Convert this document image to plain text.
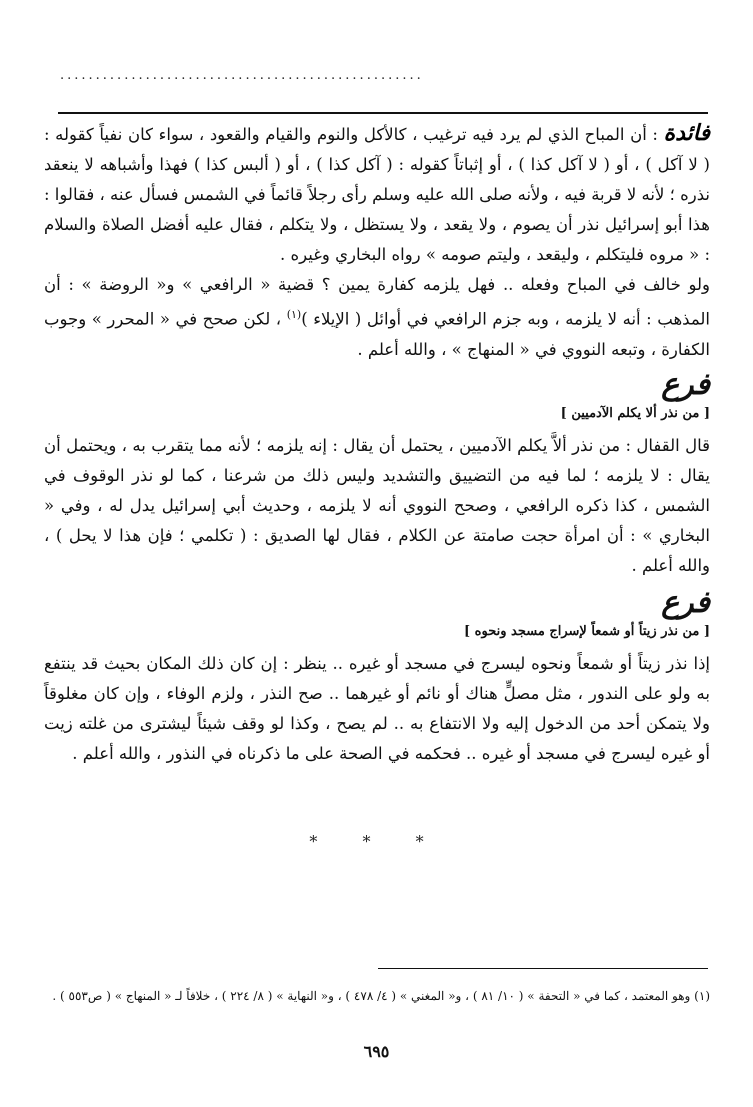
...................................................

فائدة : أن المباح الذي لم يرد فيه ترغيب ، كالأكل والنوم والقيام والقعود ، سواء كان نفياً كقوله : ( لا آكل ) ، أو ( لا آكل كذا ) ، أو إثباتاً كقوله : ( آكل كذا ) ، أو ( ألبس كذا ) فهذا وأشباهه لا ينعقد نذره ؛ لأنه لا قربة فيه ، ولأنه صلى الله عليه وسلم رأى رجلاً قائماً في الشمس فسأل عنه ، فقالوا : هذا أبو إسرائيل نذر أن يصوم ، ولا يقعد ، ولا يستظل ، ولا يتكلم ، فقال عليه أفضل الصلاة والسلام : « مروه فليتكلم ، وليقعد ، وليتم صومه » رواه البخاري وغيره .

ولو خالف في المباح وفعله .. فهل يلزمه كفارة يمين ؟ قضية « الرافعي » و« الروضة » : أن المذهب : أنه لا يلزمه ، وبه جزم الرافعي في أوائل ( الإيلاء )$^{(١)}$ ، لكن صحح في « المحرر » وجوب الكفارة ، وتبعه النووي في « المنهاج » ، والله أعلم .

فرع
[ من نذر ألا يكلم الآدميين ]

قال القفال : من نذر ألاَّ يكلم الآدميين ، يحتمل أن يقال : إنه يلزمه ؛ لأنه مما يتقرب به ، ويحتمل أن يقال : لا يلزمه ؛ لما فيه من التضييق والتشديد وليس ذلك من شرعنا ، كما لو نذر الوقوف في الشمس ، كذا ذكره الرافعي ، وصحح النووي أنه لا يلزمه ، وحديث أبي إسرائيل يدل له ، وفي « البخاري » : أن امرأة حجت صامتة عن الكلام ، فقال لها الصديق : ( تكلمي ؛ فإن هذا لا يحل ) ، والله أعلم .

فرع
[ من نذر زيتاً أو شمعاً لإسراج مسجد ونحوه ]

إذا نذر زيتاً أو شمعاً ونحوه ليسرج في مسجد أو غيره .. ينظر : إن كان ذلك المكان بحيث قد ينتفع به ولو على الندور ، مثل مصلٍّ هناك أو نائم أو غيرهما .. صح النذر ، ولزم الوفاء ، وإن كان مغلوقاً ولا يتمكن أحد من الدخول إليه ولا الانتفاع به .. لم يصح ، وكذا لو وقف شيئاً ليشترى من غلته زيت أو غيره ليسرج في مسجد أو غيره .. فحكمه في الصحة على ما ذكرناه في النذور ، والله أعلم .

* * *
(١) وهو المعتمد ، كما في « التحفة » ( ١٠/ ٨١ ) ، و« المغني » ( ٤/ ٤٧٨ ) ، و« النهاية » ( ٨/ ٢٢٤ ) ، خلافاً لـ « المنهاج » ( ص٥٥٣ ) .
٦٩٥
